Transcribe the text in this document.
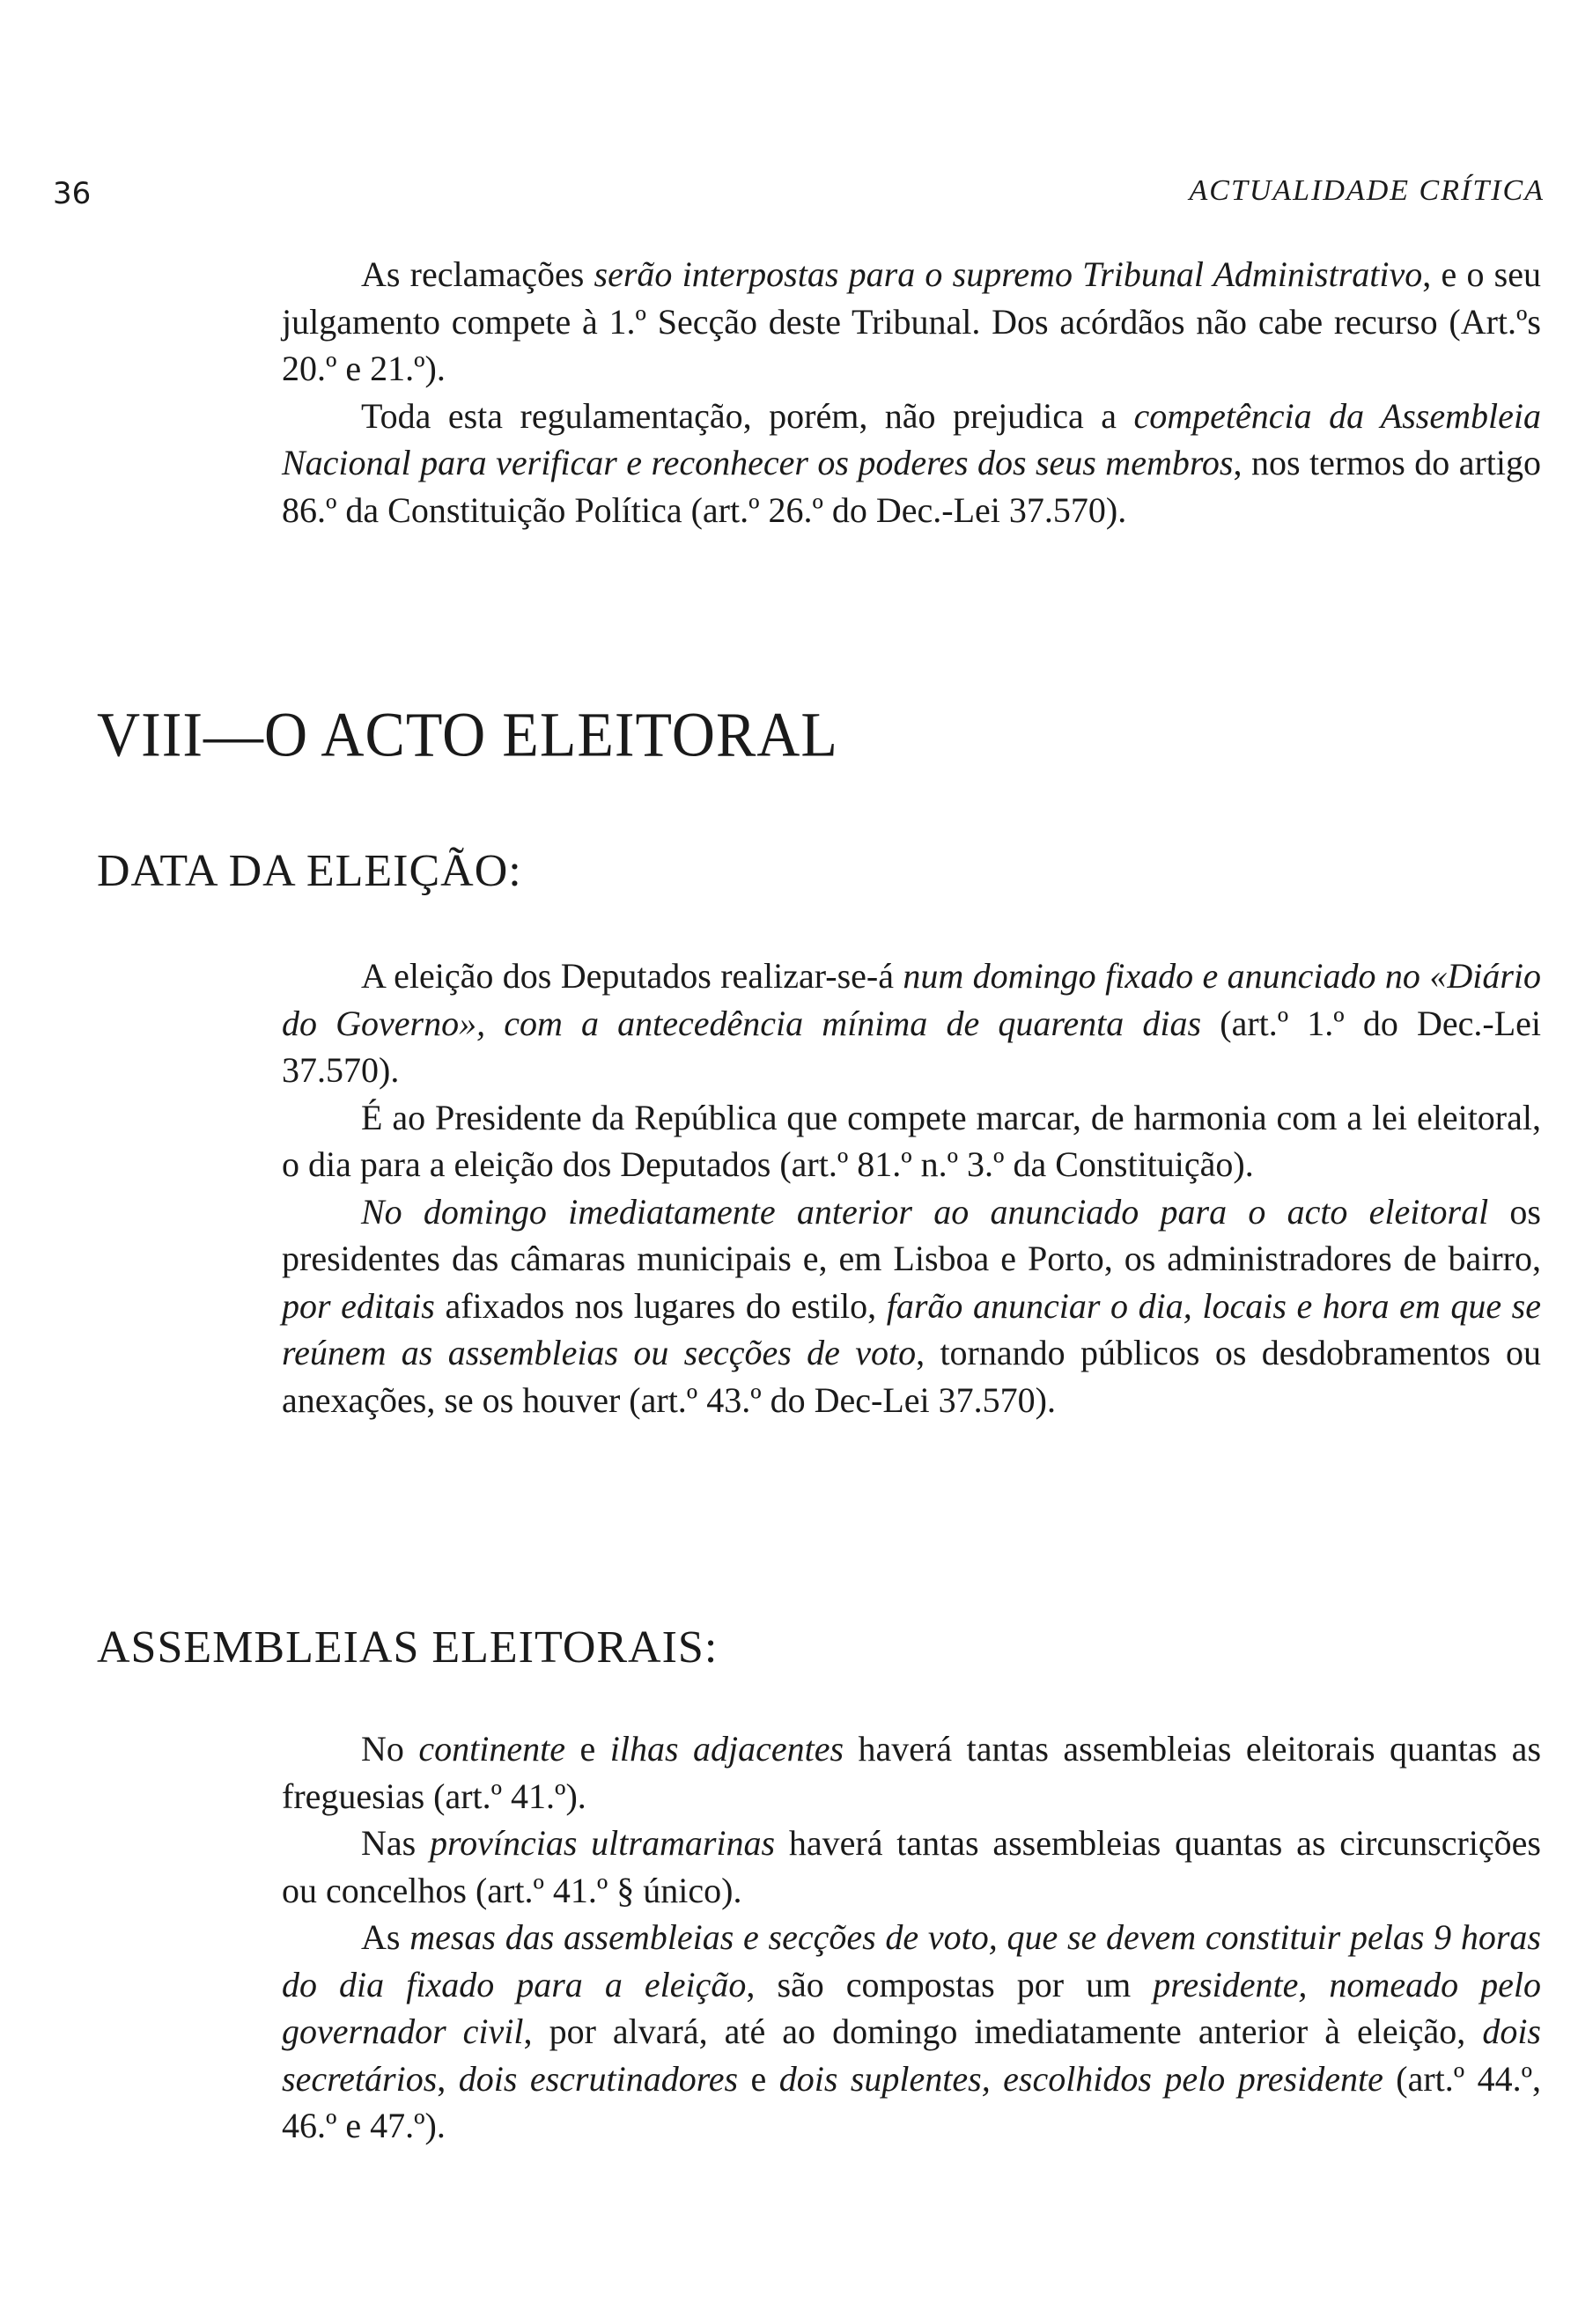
36	ACTUALIDADE CRÍTICA

As reclamações serão interpostas para o supremo Tribunal Administrativo, e o seu julgamento compete à 1.º Secção deste Tribunal. Dos acórdãos não cabe recurso (Art.ºs 20.º e 21.º).

Toda esta regulamentação, porém, não prejudica a competência da Assembleia Nacional para verificar e reconhecer os poderes dos seus membros, nos termos do artigo 86.º da Constituição Política (art.º 26.º do Dec.-Lei 37.570).

VIII—O ACTO ELEITORAL
DATA DA ELEIÇÃO:

A eleição dos Deputados realizar-se-á num domingo fixado e anunciado no «Diário do Governo», com a antecedência mínima de quarenta dias (art.º 1.º do Dec.-Lei 37.570).

É ao Presidente da República que compete marcar, de harmonia com a lei eleitoral, o dia para a eleição dos Deputados (art.º 81.º n.º 3.º da Constituição).

No domingo imediatamente anterior ao anunciado para o acto eleitoral os presidentes das câmaras municipais e, em Lisboa e Porto, os administradores de bairro, por editais afixados nos lugares do estilo, farão anunciar o dia, locais e hora em que se reúnem as assembleias ou secções de voto, tornando públicos os desdobramentos ou anexações, se os houver (art.º 43.º do Dec-Lei 37.570).

ASSEMBLEIAS ELEITORAIS:

No continente e ilhas adjacentes haverá tantas assembleias eleitorais quantas as freguesias (art.º 41.º).

Nas províncias ultramarinas haverá tantas assembleias quantas as circunscrições ou concelhos (art.º 41.º § único).

As mesas das assembleias e secções de voto, que se devem constituir pelas 9 horas do dia fixado para a eleição, são compostas por um presidente, nomeado pelo governador civil, por alvará, até ao domingo imediatamente anterior à eleição, dois secretários, dois escrutinadores e dois suplentes, escolhidos pelo presidente (art.º 44.º, 46.º e 47.º).
